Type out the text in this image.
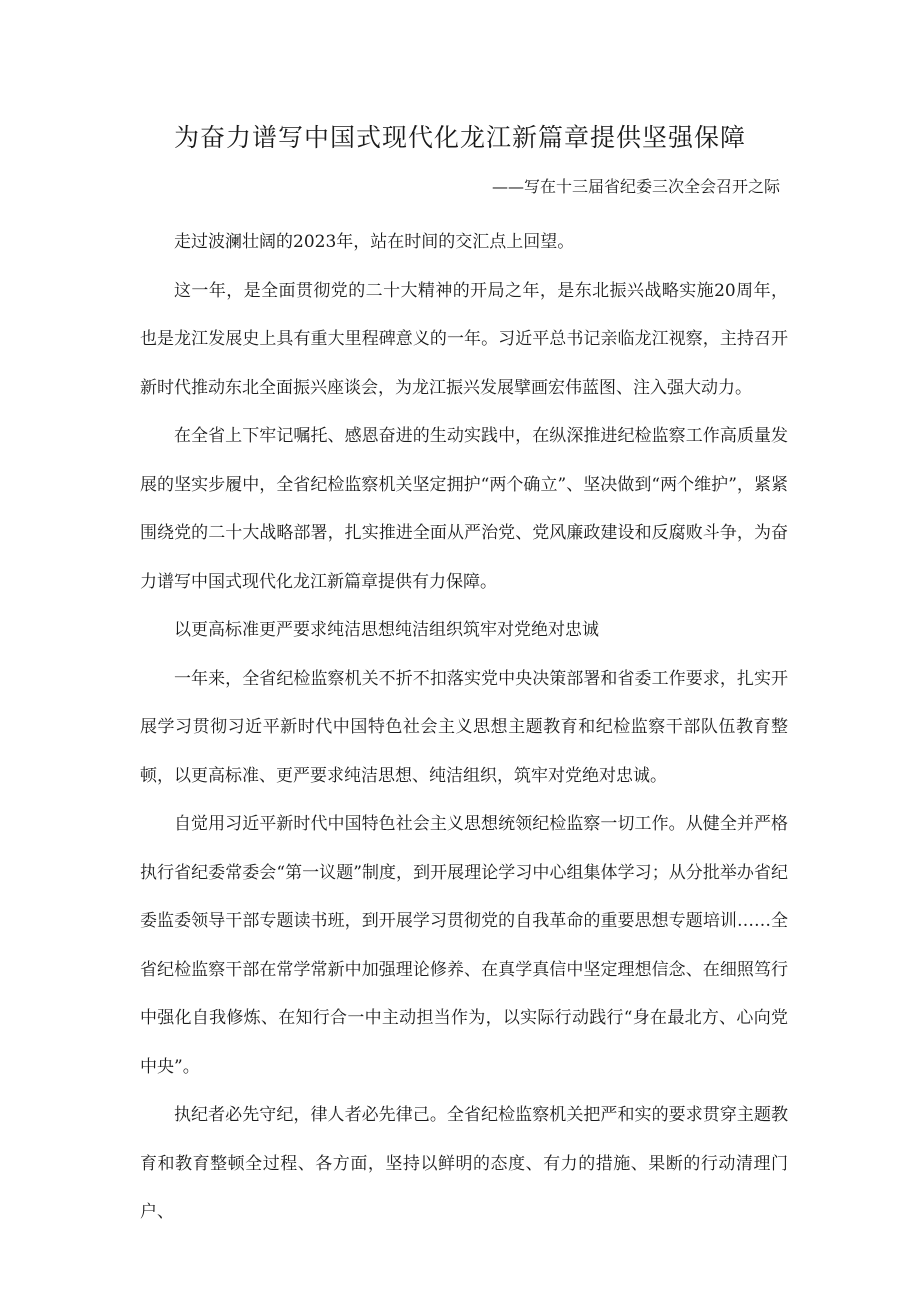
为奋力谱写中国式现代化龙江新篇章提供坚强保障
——写在十三届省纪委三次全会召开之际

走过波澜壮阔的2023年，站在时间的交汇点上回望。

这一年，是全面贯彻党的二十大精神的开局之年，是东北振兴战略实施20周年，也是龙江发展史上具有重大里程碑意义的一年。习近平总书记亲临龙江视察，主持召开新时代推动东北全面振兴座谈会，为龙江振兴发展擘画宏伟蓝图、注入强大动力。

在全省上下牢记嘱托、感恩奋进的生动实践中，在纵深推进纪检监察工作高质量发展的坚实步履中，全省纪检监察机关坚定拥护“两个确立”、坚决做到“两个维护”，紧紧围绕党的二十大战略部署，扎实推进全面从严治党、党风廉政建设和反腐败斗争，为奋力谱写中国式现代化龙江新篇章提供有力保障。

以更高标准更严要求纯洁思想纯洁组织筑牢对党绝对忠诚

一年来，全省纪检监察机关不折不扣落实党中央决策部署和省委工作要求，扎实开展学习贯彻习近平新时代中国特色社会主义思想主题教育和纪检监察干部队伍教育整顿，以更高标准、更严要求纯洁思想、纯洁组织，筑牢对党绝对忠诚。

自觉用习近平新时代中国特色社会主义思想统领纪检监察一切工作。从健全并严格执行省纪委常委会“第一议题”制度，到开展理论学习中心组集体学习；从分批举办省纪委监委领导干部专题读书班，到开展学习贯彻党的自我革命的重要思想专题培训……全省纪检监察干部在常学常新中加强理论修养、在真学真信中坚定理想信念、在细照笃行中强化自我修炼、在知行合一中主动担当作为，以实际行动践行“身在最北方、心向党中央”。

执纪者必先守纪，律人者必先律己。全省纪检监察机关把严和实的要求贯穿主题教育和教育整顿全过程、各方面，坚持以鲜明的态度、有力的措施、果断的行动清理门户、
